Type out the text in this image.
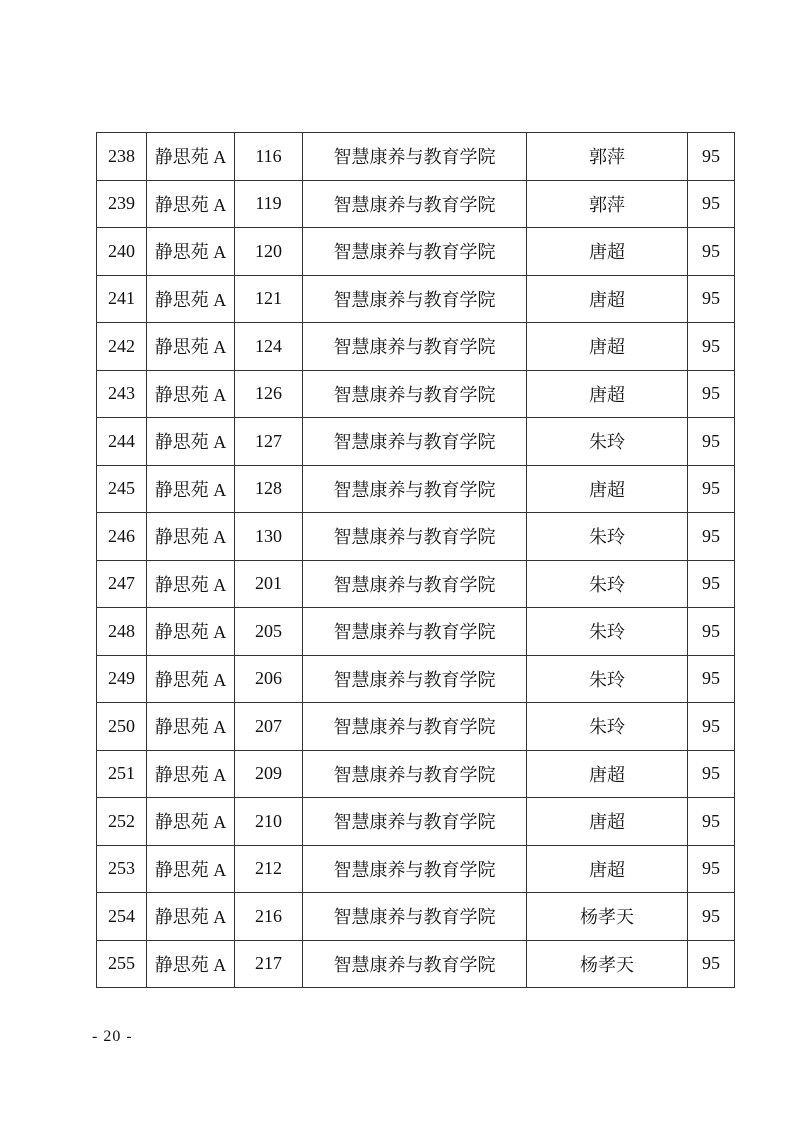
238	静思苑 A	116	智慧康养与教育学院	郭萍	95
239	静思苑 A	119	智慧康养与教育学院	郭萍	95
240	静思苑 A	120	智慧康养与教育学院	唐超	95
241	静思苑 A	121	智慧康养与教育学院	唐超	95
242	静思苑 A	124	智慧康养与教育学院	唐超	95
243	静思苑 A	126	智慧康养与教育学院	唐超	95
244	静思苑 A	127	智慧康养与教育学院	朱玲	95
245	静思苑 A	128	智慧康养与教育学院	唐超	95
246	静思苑 A	130	智慧康养与教育学院	朱玲	95
247	静思苑 A	201	智慧康养与教育学院	朱玲	95
248	静思苑 A	205	智慧康养与教育学院	朱玲	95
249	静思苑 A	206	智慧康养与教育学院	朱玲	95
250	静思苑 A	207	智慧康养与教育学院	朱玲	95
251	静思苑 A	209	智慧康养与教育学院	唐超	95
252	静思苑 A	210	智慧康养与教育学院	唐超	95
253	静思苑 A	212	智慧康养与教育学院	唐超	95
254	静思苑 A	216	智慧康养与教育学院	杨孝天	95
255	静思苑 A	217	智慧康养与教育学院	杨孝天	95
- 20 -
